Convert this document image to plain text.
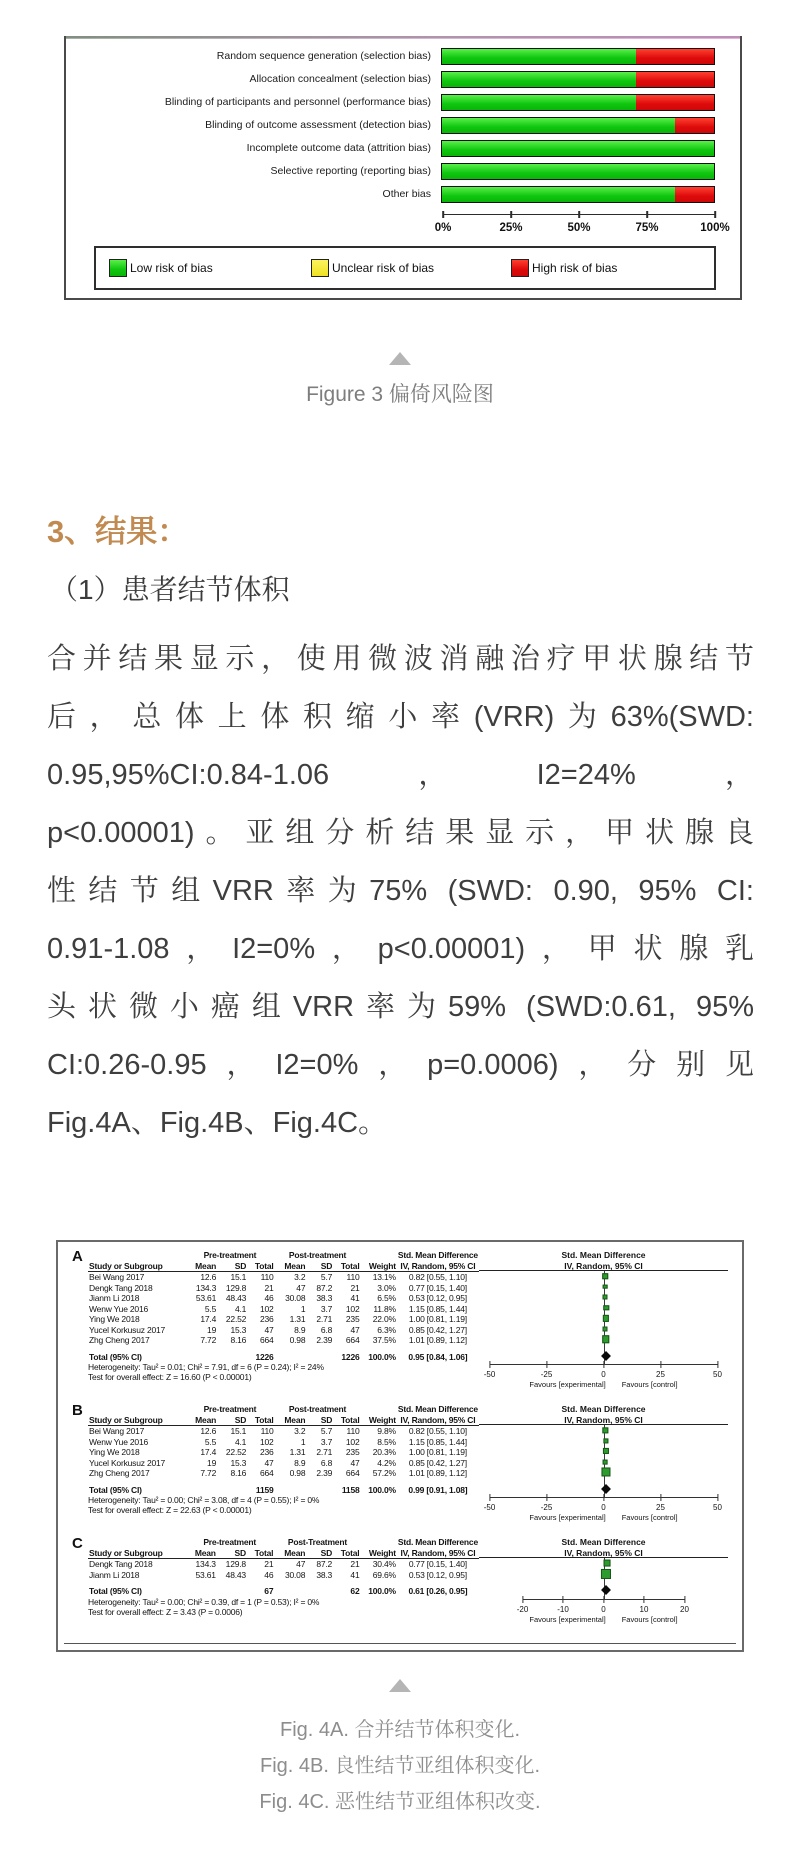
Random sequence generation (selection bias)
Allocation concealment (selection bias)
Blinding of participants and personnel (performance bias)
Blinding of outcome assessment (detection bias)
Incomplete outcome data (attrition bias)
Selective reporting (reporting bias)
Other bias
0%	25%	50%	75%	100%
Low risk of bias	Unclear risk of bias	High risk of bias
Figure 3 偏倚风险图
3、结果：
（1）患者结节体积
合并结果显示，使用微波消融治疗甲状腺结节
后，总体上体积缩小率(VRR)为63%(SWD:
0.95,95%CI:0.84-1.06，I2=24%，
p<0.00001)。亚组分析结果显示，甲状腺良
性结节组VRR率为75% (SWD: 0.90, 95% CI:
0.91-1.08，I2=0%，p<0.00001)，甲状腺乳
头状微小癌组VRR率为59% (SWD:0.61, 95%
CI:0.26-0.95，I2=0%，p=0.0006)，分别见
Fig.4A、Fig.4B、Fig.4C。
A
		Pre-treatment			Post-treatment				Std. Mean Difference
Study or Subgroup	Mean	SD	Total	Mean	SD	Total	Weight	IV, Random, 95% CI
Bei Wang 2017	12.6	15.1	110	3.2	5.7	110	13.1%	0.82 [0.55, 1.10]
Dengk Tang 2018	134.3	129.8	21	47	87.2	21	3.0%	0.77 [0.15, 1.40]
Jianm Li 2018	53.61	48.43	46	30.08	38.3	41	6.5%	0.53 [0.12, 0.95]
Wenw Yue 2016	5.5	4.1	102	1	3.7	102	11.8%	1.15 [0.85, 1.44]
Ying We 2018	17.4	22.52	236	1.31	2.71	235	22.0%	1.00 [0.81, 1.19]
Yucel Korkusuz 2017	19	15.3	47	8.9	6.8	47	6.3%	0.85 [0.42, 1.27]
Zhg Cheng 2017	7.72	8.16	664	0.98	2.39	664	37.5%	1.01 [0.89, 1.12]

Total (95% CI)			1226			1226	100.0%	0.95 [0.84, 1.06]
Heterogeneity: Tau² = 0.01; Chi² = 7.91, df = 6 (P = 0.24); I² = 24%
Test for overall effect: Z = 16.60 (P < 0.00001)
Std. Mean Difference
IV, Random, 95% CI
-50	-25	0	25	50
Favours [experimental] Favours [control]
B
		Pre-treatment			Post-treatment				Std. Mean Difference
Study or Subgroup	Mean	SD	Total	Mean	SD	Total	Weight	IV, Random, 95% CI
Bei Wang 2017	12.6	15.1	110	3.2	5.7	110	9.8%	0.82 [0.55, 1.10]
Wenw Yue 2016	5.5	4.1	102	1	3.7	102	8.5%	1.15 [0.85, 1.44]
Ying We 2018	17.4	22.52	236	1.31	2.71	235	20.3%	1.00 [0.81, 1.19]
Yucel Korkusuz 2017	19	15.3	47	8.9	6.8	47	4.2%	0.85 [0.42, 1.27]
Zhg Cheng 2017	7.72	8.16	664	0.98	2.39	664	57.2%	1.01 [0.89, 1.12]

Total (95% CI)			1159			1158	100.0%	0.99 [0.91, 1.08]
Heterogeneity: Tau² = 0.00; Chi² = 3.08, df = 4 (P = 0.55); I² = 0%
Test for overall effect: Z = 22.63 (P < 0.00001)
Std. Mean Difference
IV, Random, 95% CI
-50	-25	0	25	50
Favours [experimental] Favours [control]
C
		Pre-treatment			Post-Treatment				Std. Mean Difference
Study or Subgroup	Mean	SD	Total	Mean	SD	Total	Weight	IV, Random, 95% CI
Dengk Tang 2018	134.3	129.8	21	47	87.2	21	30.4%	0.77 [0.15, 1.40]
Jianm Li 2018	53.61	48.43	46	30.08	38.3	41	69.6%	0.53 [0.12, 0.95]

Total (95% CI)			67			62	100.0%	0.61 [0.26, 0.95]
Heterogeneity: Tau² = 0.00; Chi² = 0.39, df = 1 (P = 0.53); I² = 0%
Test for overall effect: Z = 3.43 (P = 0.0006)
Std. Mean Difference
IV, Random, 95% CI
-20	-10	0	10	20
Favours [experimental] Favours [control]
Fig. 4A. 合并结节体积变化.
Fig. 4B. 良性结节亚组体积变化.
Fig. 4C. 恶性结节亚组体积改变.
